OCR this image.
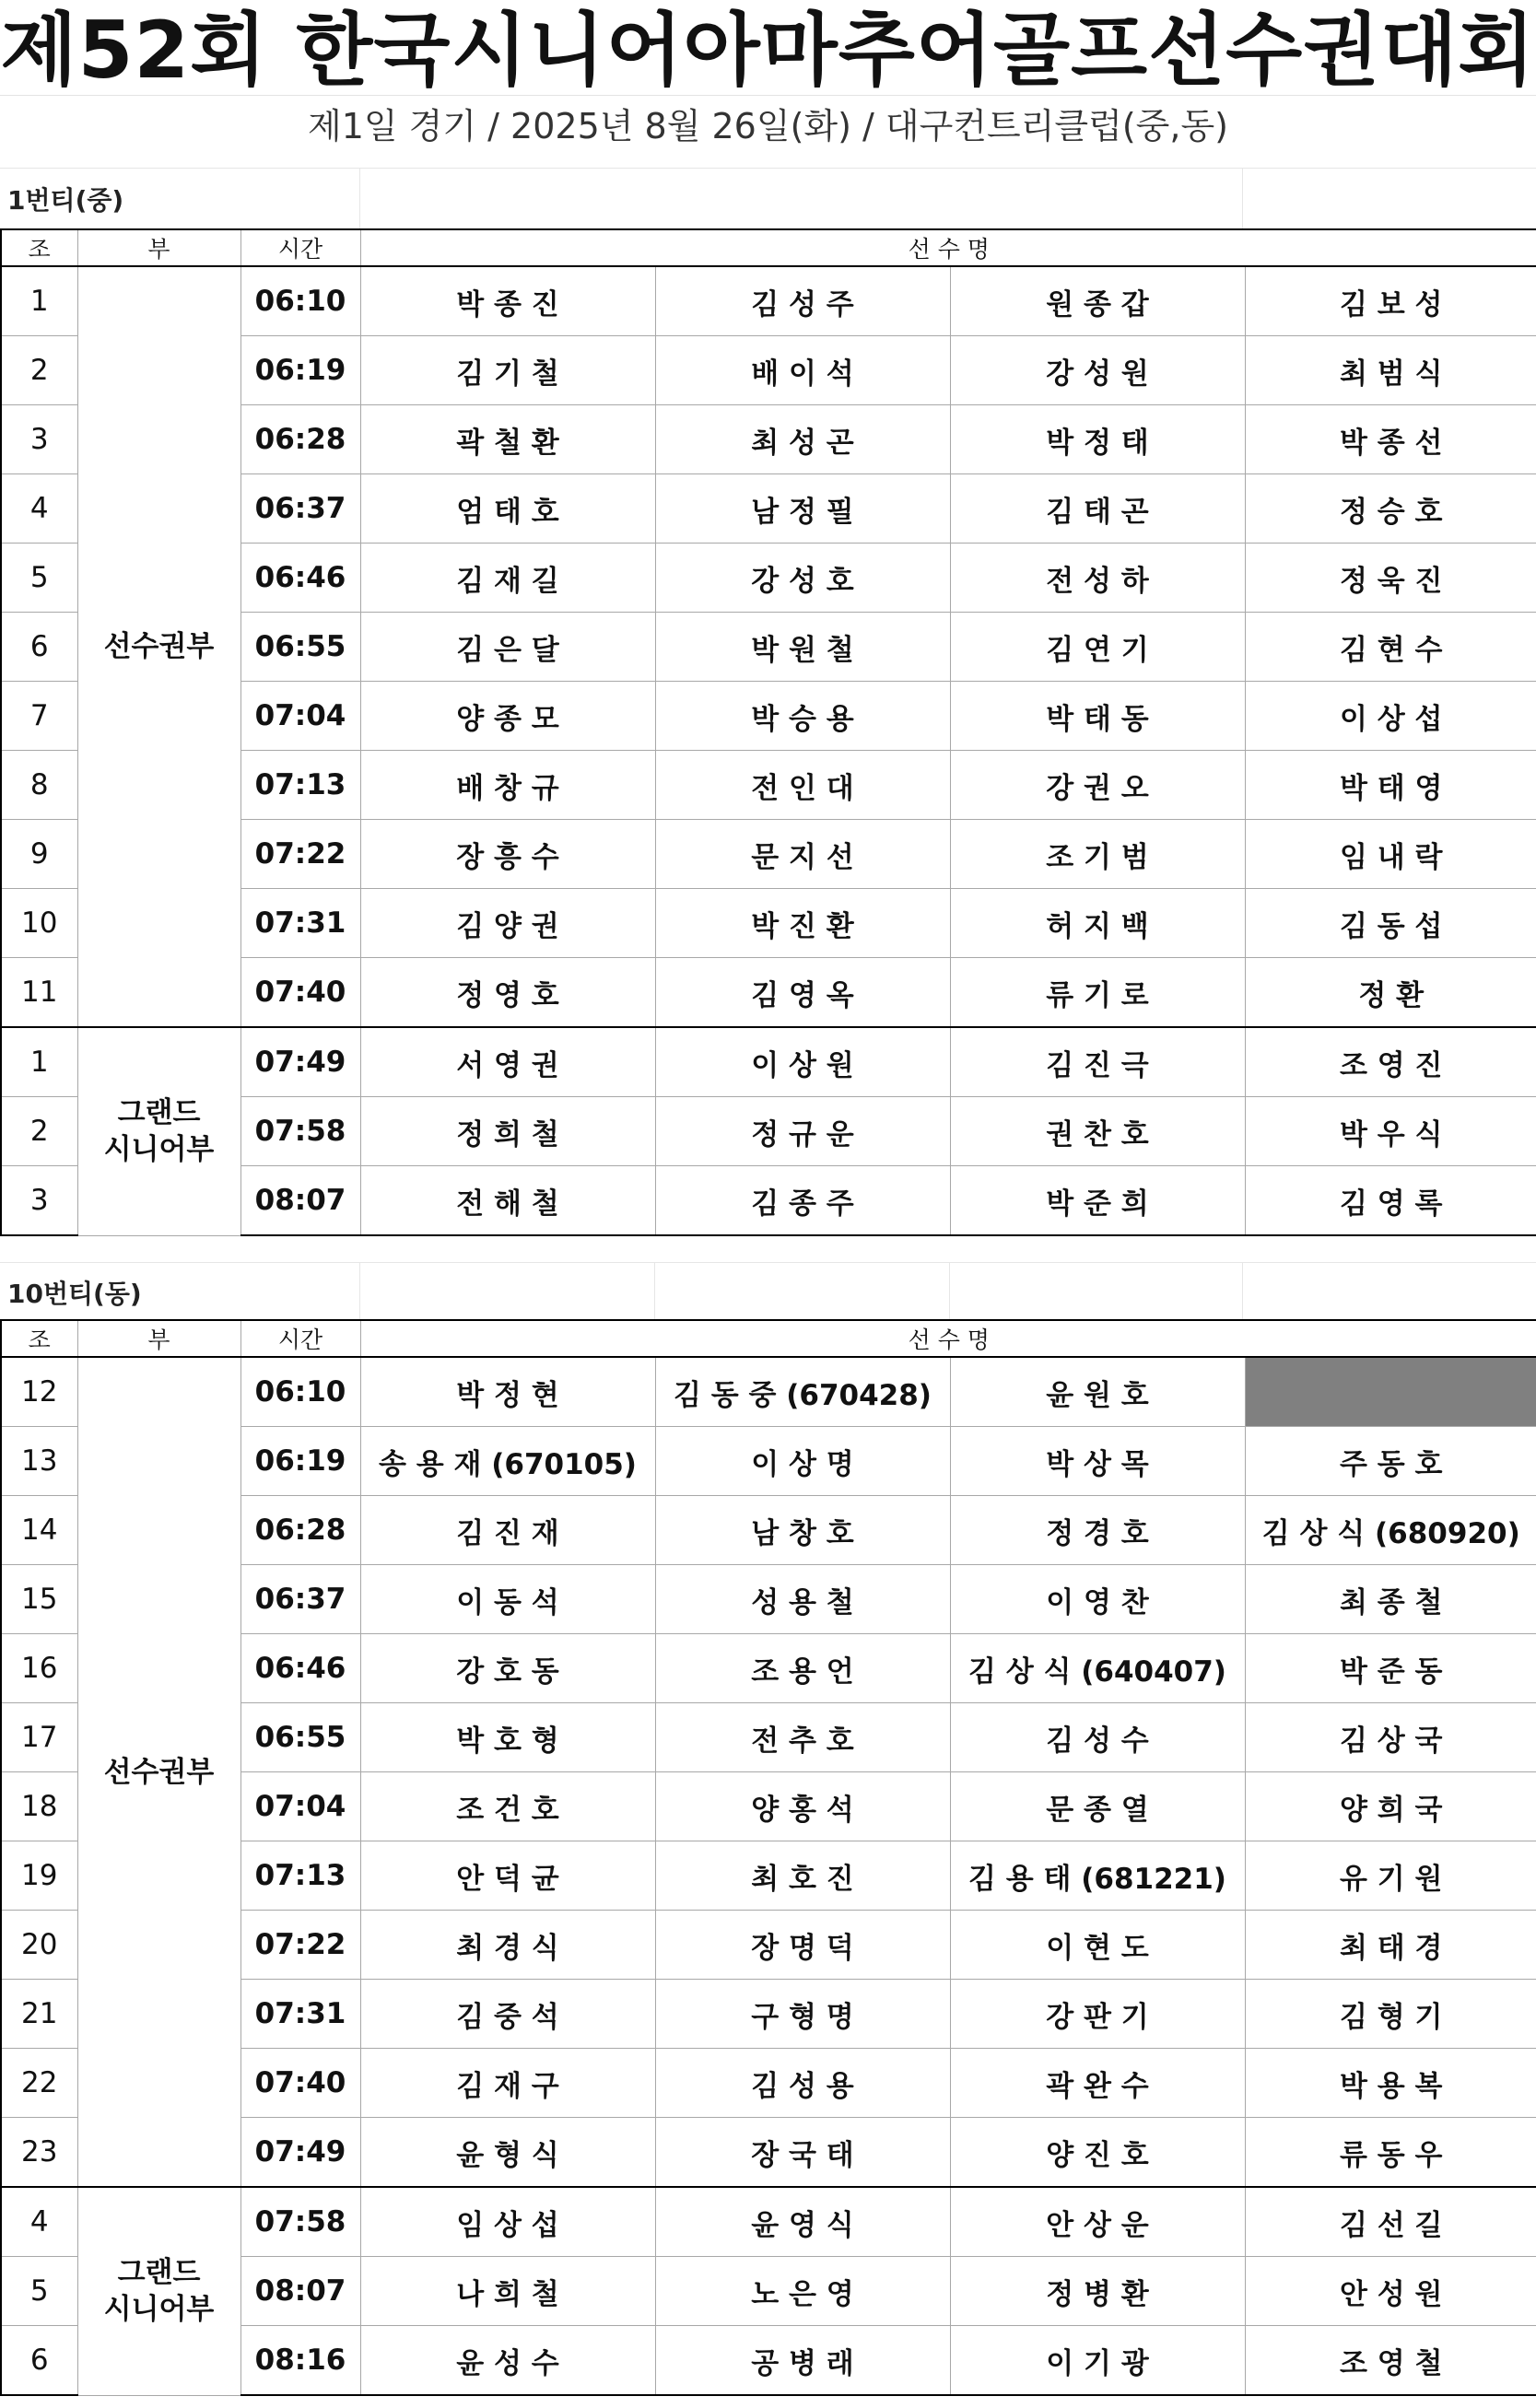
제52회 한국시니어아마추어골프선수권대회
제1일 경기 / 2025년 8월 26일(화) / 대구컨트리클럽(중,동)
1번티(중)
10번티(동)
조	부	시간	선 수 명			
1	선수권부	06:10	박 종 진	김 성 주	원 종 갑	김 보 성
2		06:19	김 기 철	배 이 석	강 성 원	최 범 식
3		06:28	곽 철 환	최 성 곤	박 정 태	박 종 선
4		06:37	엄 태 호	남 정 필	김 태 곤	정 승 호
5		06:46	김 재 길	강 성 호	전 성 하	정 욱 진
6		06:55	김 은 달	박 원 철	김 연 기	김 현 수
7		07:04	양 종 모	박 승 용	박 태 동	이 상 섭
8		07:13	배 창 규	전 인 대	강 권 오	박 태 영
9		07:22	장 흥 수	문 지 선	조 기 범	임 내 락
10		07:31	김 양 권	박 진 환	허 지 백	김 동 섭
11		07:40	정 영 호	김 영 옥	류 기 로	정 환
1	그랜드 시니어부	07:49	서 영 권	이 상 원	김 진 극	조 영 진
2		07:58	정 희 철	정 규 운	권 찬 호	박 우 식
3		08:07	전 해 철	김 종 주	박 준 희	김 영 록
조	부	시간	선 수 명			
12	선수권부	06:10	박 정 현	김 동 중 (670428)	윤 원 호	
13		06:19	송 용 재 (670105)	이 상 명	박 상 목	주 동 호
14		06:28	김 진 재	남 창 호	정 경 호	김 상 식 (680920)
15		06:37	이 동 석	성 용 철	이 영 찬	최 종 철
16		06:46	강 호 동	조 용 언	김 상 식 (640407)	박 준 동
17		06:55	박 호 형	전 추 호	김 성 수	김 상 국
18		07:04	조 건 호	양 홍 석	문 종 열	양 희 국
19		07:13	안 덕 균	최 호 진	김 용 태 (681221)	유 기 원
20		07:22	최 경 식	장 명 덕	이 현 도	최 태 경
21		07:31	김 중 석	구 형 명	강 판 기	김 형 기
22		07:40	김 재 구	김 성 용	곽 완 수	박 용 복
23		07:49	윤 형 식	장 국 태	양 진 호	류 동 우
4	그랜드 시니어부	07:58	임 상 섭	윤 영 식	안 상 운	김 선 길
5		08:07	나 희 철	노 은 영	정 병 환	안 성 원
6		08:16	윤 성 수	공 병 래	이 기 광	조 영 철
